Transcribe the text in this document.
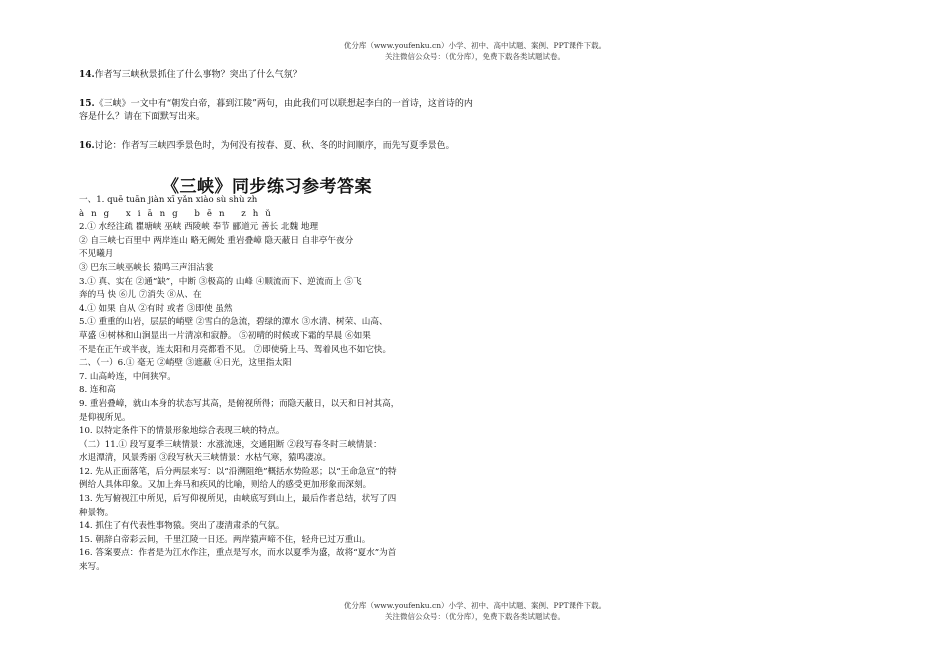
优分库（www.youfenku.cn）小学、初中、高中试题、案例、PPT课件下载。
关注微信公众号：（优分库），免费下载各类试题试卷。
14.作者写三峡秋景抓住了什么事物？突出了什么气氛？
15.《三峡》一文中有“朝发白帝，暮到江陵”两句，由此我们可以联想起李白的一首诗，这首诗的内容是什么？请在下面默写出来。
16.讨论：作者写三峡四季景色时，为何没有按春、夏、秋、冬的时间顺序，而先写夏季景色。
《三峡》同步练习参考答案
一、1. quē tuān jiàn xī yǎn xiào sù shù zh
àng xiāng bēn zhǔ
2.① 水经注疏 瞿塘峡 巫峡 西陵峡 奉节 郦道元 善长 北魏 地理
② 自三峡七百里中 两岸连山 略无阙处 重岩叠嶂 隐天蔽日 自非亭午夜分
不见曦月
③ 巴东三峡巫峡长 猿鸣三声泪沾裳
3.① 真、实在 ②通“缺”，中断 ③极高的 山峰 ④顺流而下、逆流而上 ⑤飞
奔的马 快 ⑥儿 ⑦消失 ⑧从、在
4.① 如果 自从 ②有时 或者 ③即使 虽然
5.① 重重的山岩，层层的峭壁 ②雪白的急流，碧绿的潭水 ③水清、树荣、山高、
草盛 ④树林和山涧显出一片清凉和寂静。 ⑤初晴的时候或下霜的早晨 ⑥如果
不是在正午或半夜，连太阳和月亮都看不见。 ⑦即使骑上马、驾着风也不如它快。
二、（一）6.① 毫无 ②峭壁 ③遮蔽 ④日光，这里指太阳
7. 山高岭连，中间狭窄。
8. 连和高
9. 重岩叠嶂，就山本身的状态写其高，是俯视所得；而隐天蔽日，以天和日衬其高，
是仰视所见。
10. 以特定条件下的情景形象地综合表现三峡的特点。
（二）11.① 段写夏季三峡情景：水涨流速，交通阻断 ②段写春冬时三峡情景：
水退潭清，风景秀丽 ③段写秋天三峡情景：水枯气寒，猿鸣凄凉。
12. 先从正面落笔，后分两层来写：以“沿溯阻绝”概括水势险恶；以“王命急宣”的特
例给人具体印象。又加上奔马和疾风的比喻，则给人的感受更加形象而深刻。
13. 先写俯视江中所见，后写仰视所见，由峡底写到山上，最后作者总结，状写了四
种景物。
14. 抓住了有代表性事物猿。突出了凄清肃杀的气氛。
15. 朝辞白帝彩云间，千里江陵一日还。两岸猿声啼不住，轻舟已过万重山。
16. 答案要点：作者是为江水作注，重点是写水，而水以夏季为盛，故将“夏水”为首
来写。
优分库（www.youfenku.cn）小学、初中、高中试题、案例、PPT课件下载。
关注微信公众号：（优分库），免费下载各类试题试卷。
